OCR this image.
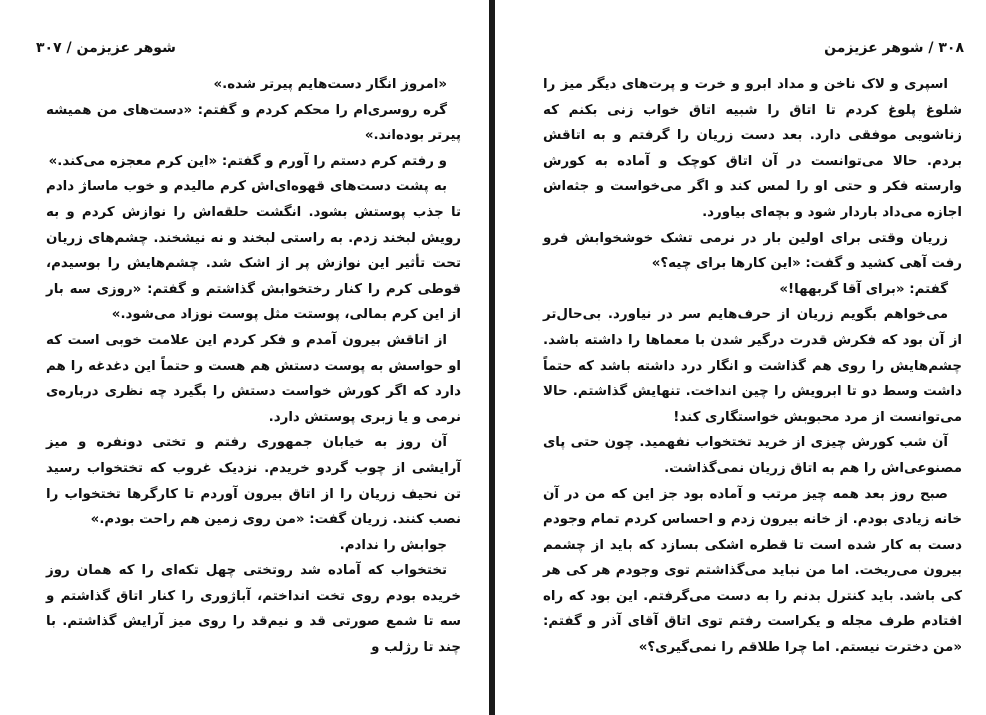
شوهر عزیزمن / ۳۰۷

«امروز انگار دست‌هایم پیرتر شده.»

گره روسری‌ام را محکم کردم و گفتم: «دست‌های من همیشه پیرتر بوده‌اند.»

و رفتم کرم دستم را آورم و گفتم: «این کرم معجزه می‌کند.»

به پشت دست‌های قهوه‌ای‌اش کرم مالیدم و خوب ماساژ دادم تا جذب پوستش بشود. انگشت حلقه‌اش را نوازش کردم و به رویش لبخند زدم. به راستی لبخند و نه نیشخند. چشم‌های زریان تحت تأثیر این نوازش پر از اشک شد. چشم‌هایش را بوسیدم، قوطی کرم را کنار رختخوابش گذاشتم و گفتم: «روزی سه بار از این کرم بمالی، پوستت مثل پوست نوزاد می‌شود.»

از اتاقش بیرون آمدم و فکر کردم این علامت خوبی است که او حواسش به پوست دستش هم هست و حتماً این دغدغه را هم دارد که اگر کورش خواست دستش را بگیرد چه نظری درباره‌ی نرمی و یا زبری پوستش دارد.

آن روز به خیابان جمهوری رفتم و تختی دونفره و میز آرایشی از چوب گردو خریدم. نزدیک غروب که تختخواب رسید تن نحیف زریان را از اتاق بیرون آوردم تا کارگرها تختخواب را نصب کنند. زریان گفت: «من روی زمین هم راحت بودم.»

جوابش را ندادم.

تختخواب که آماده شد روتختی چهل تکه‌ای را که همان روز خریده بودم روی تخت انداختم، آباژوری را کنار اتاق گذاشتم و سه تا شمع صورتی قد و نیم‌قد را روی میز آرایش گذاشتم. با چند تا رژلب و

۳۰۸ / شوهر عزیزمن

اسپری و لاک ناخن و مداد ابرو و خرت و پرت‌های دیگر میز را شلوغ پلوغ کردم تا اتاق را شبیه اتاق خواب زنی بکنم که زناشویی موفقی دارد. بعد دست زریان را گرفتم و به اتاقش بردم. حالا می‌توانست در آن اتاق کوچک و آماده به کورش وارسته فکر و حتی او را لمس کند و اگر می‌خواست و جثه‌اش اجازه می‌داد باردار شود و بچه‌ای بیاورد.

زریان وقتی برای اولین بار در نرمی تشک خوشخوابش فرو رفت آهی کشید و گفت: «این کارها برای چیه؟»

گفتم: «برای آقا گربهها!»

می‌خواهم بگویم زریان از حرف‌هایم سر در نیاورد. بی‌حال‌تر از آن بود که فکرش قدرت درگیر شدن با معماها را داشته باشد. چشم‌هایش را روی هم گذاشت و انگار درد داشته باشد که حتماً داشت وسط دو تا ابرویش را چین انداخت. تنهایش گذاشتم. حالا می‌توانست از مرد محبوبش خواستگاری کند!

آن شب کورش چیزی از خرید تختخواب نفهمید. چون حتی پای مصنوعی‌اش را هم به اتاق زریان نمی‌گذاشت.

صبح روز بعد همه چیز مرتب و آماده بود جز این که من در آن خانه زیادی بودم. از خانه بیرون زدم و احساس کردم تمام وجودم دست به کار شده است تا قطره اشکی بسازد که باید از چشمم بیرون می‌ریخت. اما من نباید می‌گذاشتم توی وجودم هر کی هر کی باشد. باید کنترل بدنم را به دست می‌گرفتم. این بود که راه افتادم طرف مجله و یکراست رفتم توی اتاق آقای آذر و گفتم: «من دخترت نیستم. اما چرا طلاقم را نمی‌گیری؟»
